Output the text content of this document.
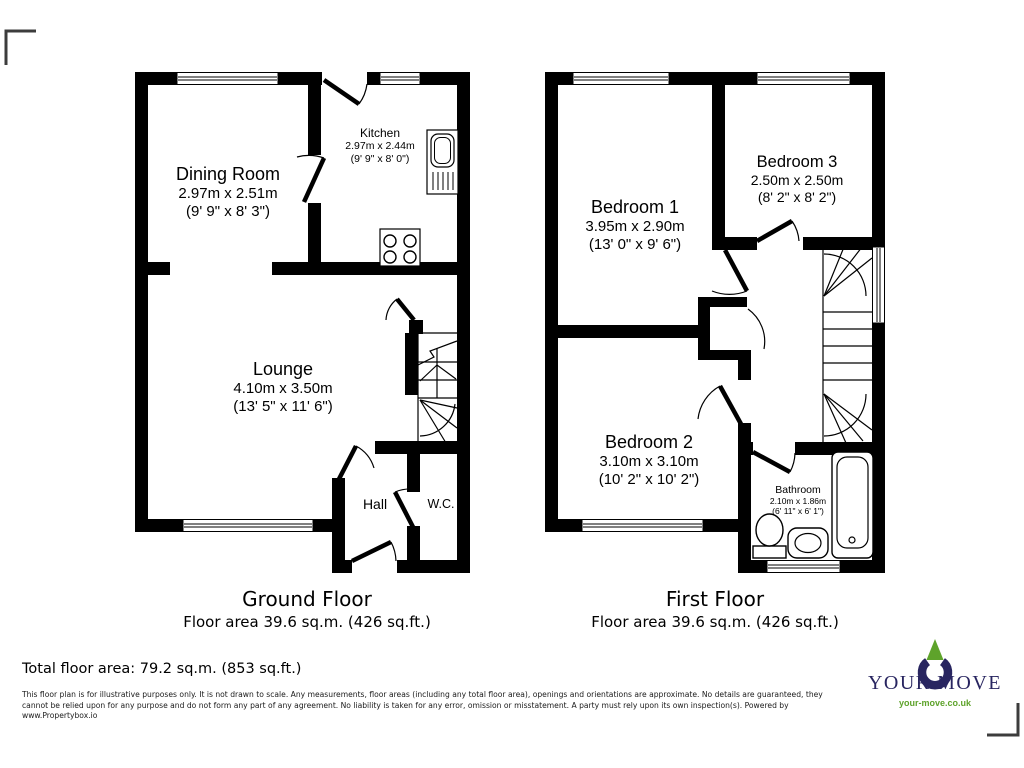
Dining Room
2.97m x 2.51m
(9' 9" x 8' 3")
Kitchen
2.97m x 2.44m
(9' 9" x 8' 0")
Lounge
4.10m x 3.50m
(13' 5" x 11' 6")
Hall	W.C.
Bedroom 1
3.95m x 2.90m
(13' 0" x 9' 6")
Bedroom 3
2.50m x 2.50m
(8' 2" x 8' 2")
Bedroom 2
3.10m x 3.10m
(10' 2" x 10' 2")
Bathroom
2.10m x 1.86m
(6' 11" x 6' 1")
Ground Floor
Floor area 39.6 sq.m. (426 sq.ft.)
First Floor
Floor area 39.6 sq.m. (426 sq.ft.)
Total floor area: 79.2 sq.m. (853 sq.ft.)
This floor plan is for illustrative purposes only. It is not drawn to scale. Any measurements, floor areas (including any total floor area), openings and orientations are approximate. No details are guaranteed, they cannot be relied upon for any purpose and do not form any part of any agreement. No liability is taken for any error, omission or misstatement. A party must rely upon its own inspection(s). Powered by www.Propertybox.io
YOUR MOVE
your-move.co.uk
